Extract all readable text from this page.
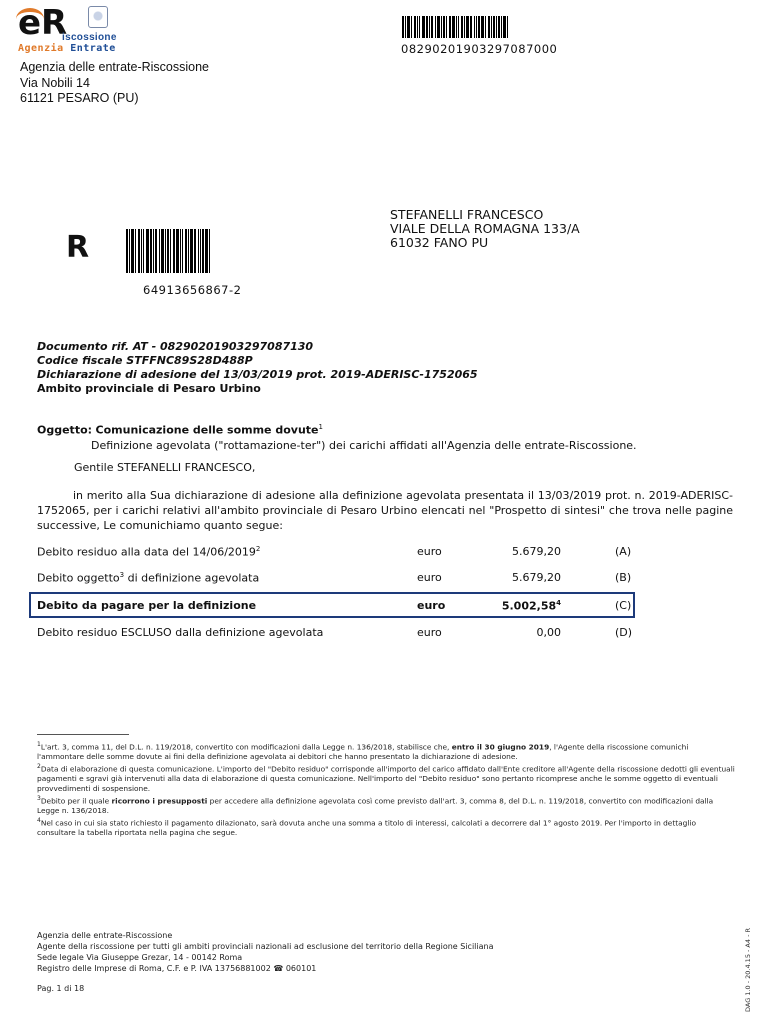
eR
iscossione
Agenzia Entrate
Agenzia delle entrate-Riscossione
Via Nobili 14
61121 PESARO (PU)
08290201903297087000
STEFANELLI FRANCESCO
VIALE DELLA ROMAGNA 133/A
61032 FANO PU
R
64913656867-2
Documento rif. AT - 08290201903297087130
Codice fiscale STFFNC89S28D488P
Dichiarazione di adesione del 13/03/2019 prot. 2019-ADERISC-1752065
Ambito provinciale di Pesaro Urbino
Oggetto: Comunicazione delle somme dovute$^1$
Definizione agevolata ("rottamazione-ter") dei carichi affidati all'Agenzia delle entrate-Riscossione.
Gentile STEFANELLI FRANCESCO,
in merito alla Sua dichiarazione di adesione alla definizione agevolata presentata il 13/03/2019 prot. n. 2019-ADERISC-1752065, per i carichi relativi all'ambito provinciale di Pesaro Urbino elencati nel "Prospetto di sintesi" che trova nelle pagine successive, Le comunichiamo quanto segue:
Debito residuo alla data del 14/06/2019$^2$	euro	5.679,20	(A)
Debito oggetto$^3$ di definizione agevolata	euro	5.679,20	(B)
Debito da pagare per la definizione	euro	5.002,58$^4$	(C)
Debito residuo ESCLUSO dalla definizione agevolata	euro	0,00	(D)
$^1$L'art. 3, comma 11, del D.L. n. 119/2018, convertito con modificazioni dalla Legge n. 136/2018, stabilisce che, entro il 30 giugno 2019, l'Agente della riscossione comunichi l'ammontare delle somme dovute ai fini della definizione agevolata ai debitori che hanno presentato la dichiarazione di adesione.
$^2$Data di elaborazione di questa comunicazione. L'importo del "Debito residuo" corrisponde all'importo del carico affidato dall'Ente creditore all'Agente della riscossione dedotti gli eventuali pagamenti e sgravi già intervenuti alla data di elaborazione di questa comunicazione. Nell'importo del "Debito residuo" sono pertanto ricomprese anche le somme oggetto di eventuali provvedimenti di sospensione.
$^3$Debito per il quale ricorrono i presupposti per accedere alla definizione agevolata così come previsto dall'art. 3, comma 8, del D.L. n. 119/2018, convertito con modificazioni dalla Legge n. 136/2018.
$^4$Nel caso in cui sia stato richiesto il pagamento dilazionato, sarà dovuta anche una somma a titolo di interessi, calcolati a decorrere dal 1° agosto 2019. Per l'importo in dettaglio consultare la tabella riportata nella pagina che segue.
Agenzia delle entrate-Riscossione
Agente della riscossione per tutti gli ambiti provinciali nazionali ad esclusione del territorio della Regione Siciliana
Sede legale Via Giuseppe Grezar, 14 - 00142 Roma
Registro delle Imprese di Roma, C.F. e P. IVA 13756881002 ☎ 060101
Pag. 1 di 18	DAG 1.0 - 20.4.15 - A4 - R
